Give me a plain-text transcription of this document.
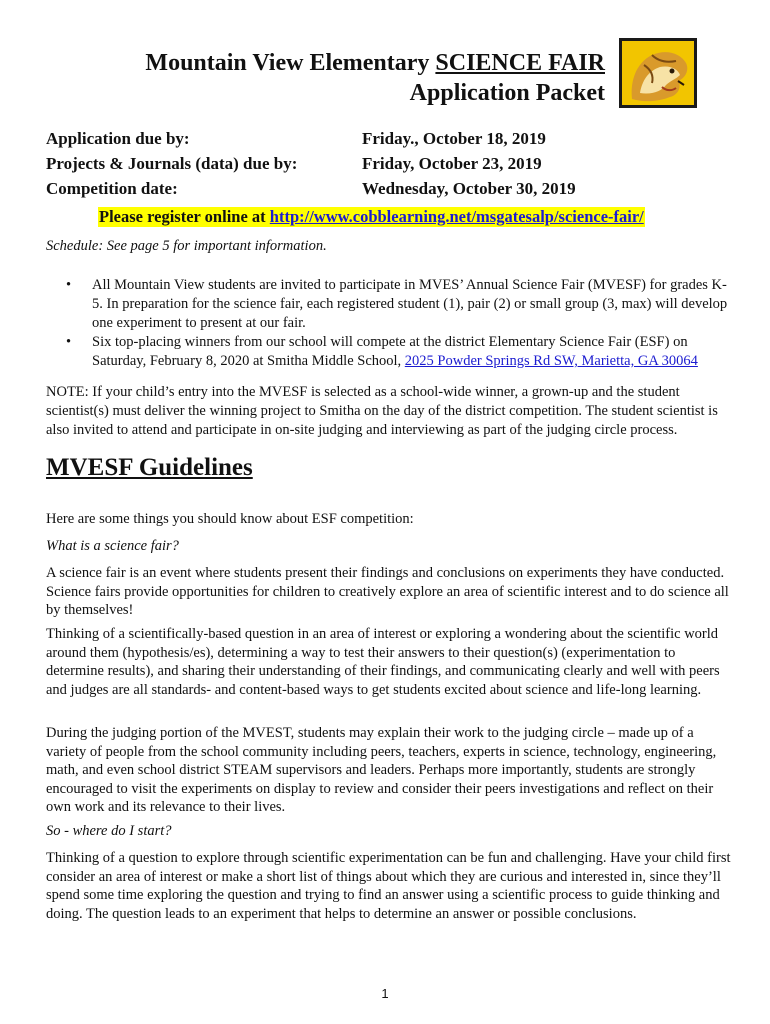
Mountain View Elementary SCIENCE FAIR

Application Packet

Application due by:	Friday., October 18, 2019
Projects & Journals (data) due by:	Friday, October 23, 2019
Competition date:	Wednesday, October 30, 2019
Please register online at http://www.cobblearning.net/msgatesalp/science-fair/
Schedule: See page 5 for important information.
• All Mountain View students are invited to participate in MVES’ Annual Science Fair (MVESF) for grades K-5. In preparation for the science fair, each registered student (1), pair (2) or small group (3, max) will develop one experiment to present at our fair.
• Six top-placing winners from our school will compete at the district Elementary Science Fair (ESF) on Saturday, February 8, 2020 at Smitha Middle School, 2025 Powder Springs Rd SW, Marietta, GA 30064

NOTE: If your child’s entry into the MVESF is selected as a school-wide winner, a grown-up and the student scientist(s) must deliver the winning project to Smitha on the day of the district competition. The student scientist is also invited to attend and participate in on-site judging and interviewing as part of the judging circle process.

MVESF Guidelines

Here are some things you should know about ESF competition:

What is a science fair?

A science fair is an event where students present their findings and conclusions on experiments they have conducted. Science fairs provide opportunities for children to creatively explore an area of scientific interest and to do science all by themselves!

Thinking of a scientifically-based question in an area of interest or exploring a wondering about the scientific world around them (hypothesis/es), determining a way to test their answers to their question(s) (experimentation to determine results), and sharing their understanding of their findings, and communicating clearly and well with peers and judges are all standards- and content-based ways to get students excited about science and life-long learning.

During the judging portion of the MVEST, students may explain their work to the judging circle – made up of a variety of people from the school community including peers, teachers, experts in science, technology, engineering, math, and even school district STEAM supervisors and leaders. Perhaps more importantly, students are strongly encouraged to visit the experiments on display to review and consider their peers investigations and reflect on their own work and its relevance to their lives.

So - where do I start?

Thinking of a question to explore through scientific experimentation can be fun and challenging. Have your child first consider an area of interest or make a short list of things about which they are curious and interested in, since they’ll spend some time exploring the question and trying to find an answer using a scientific process to guide thinking and doing. The question leads to an experiment that helps to determine an answer or possible conclusions.

1
